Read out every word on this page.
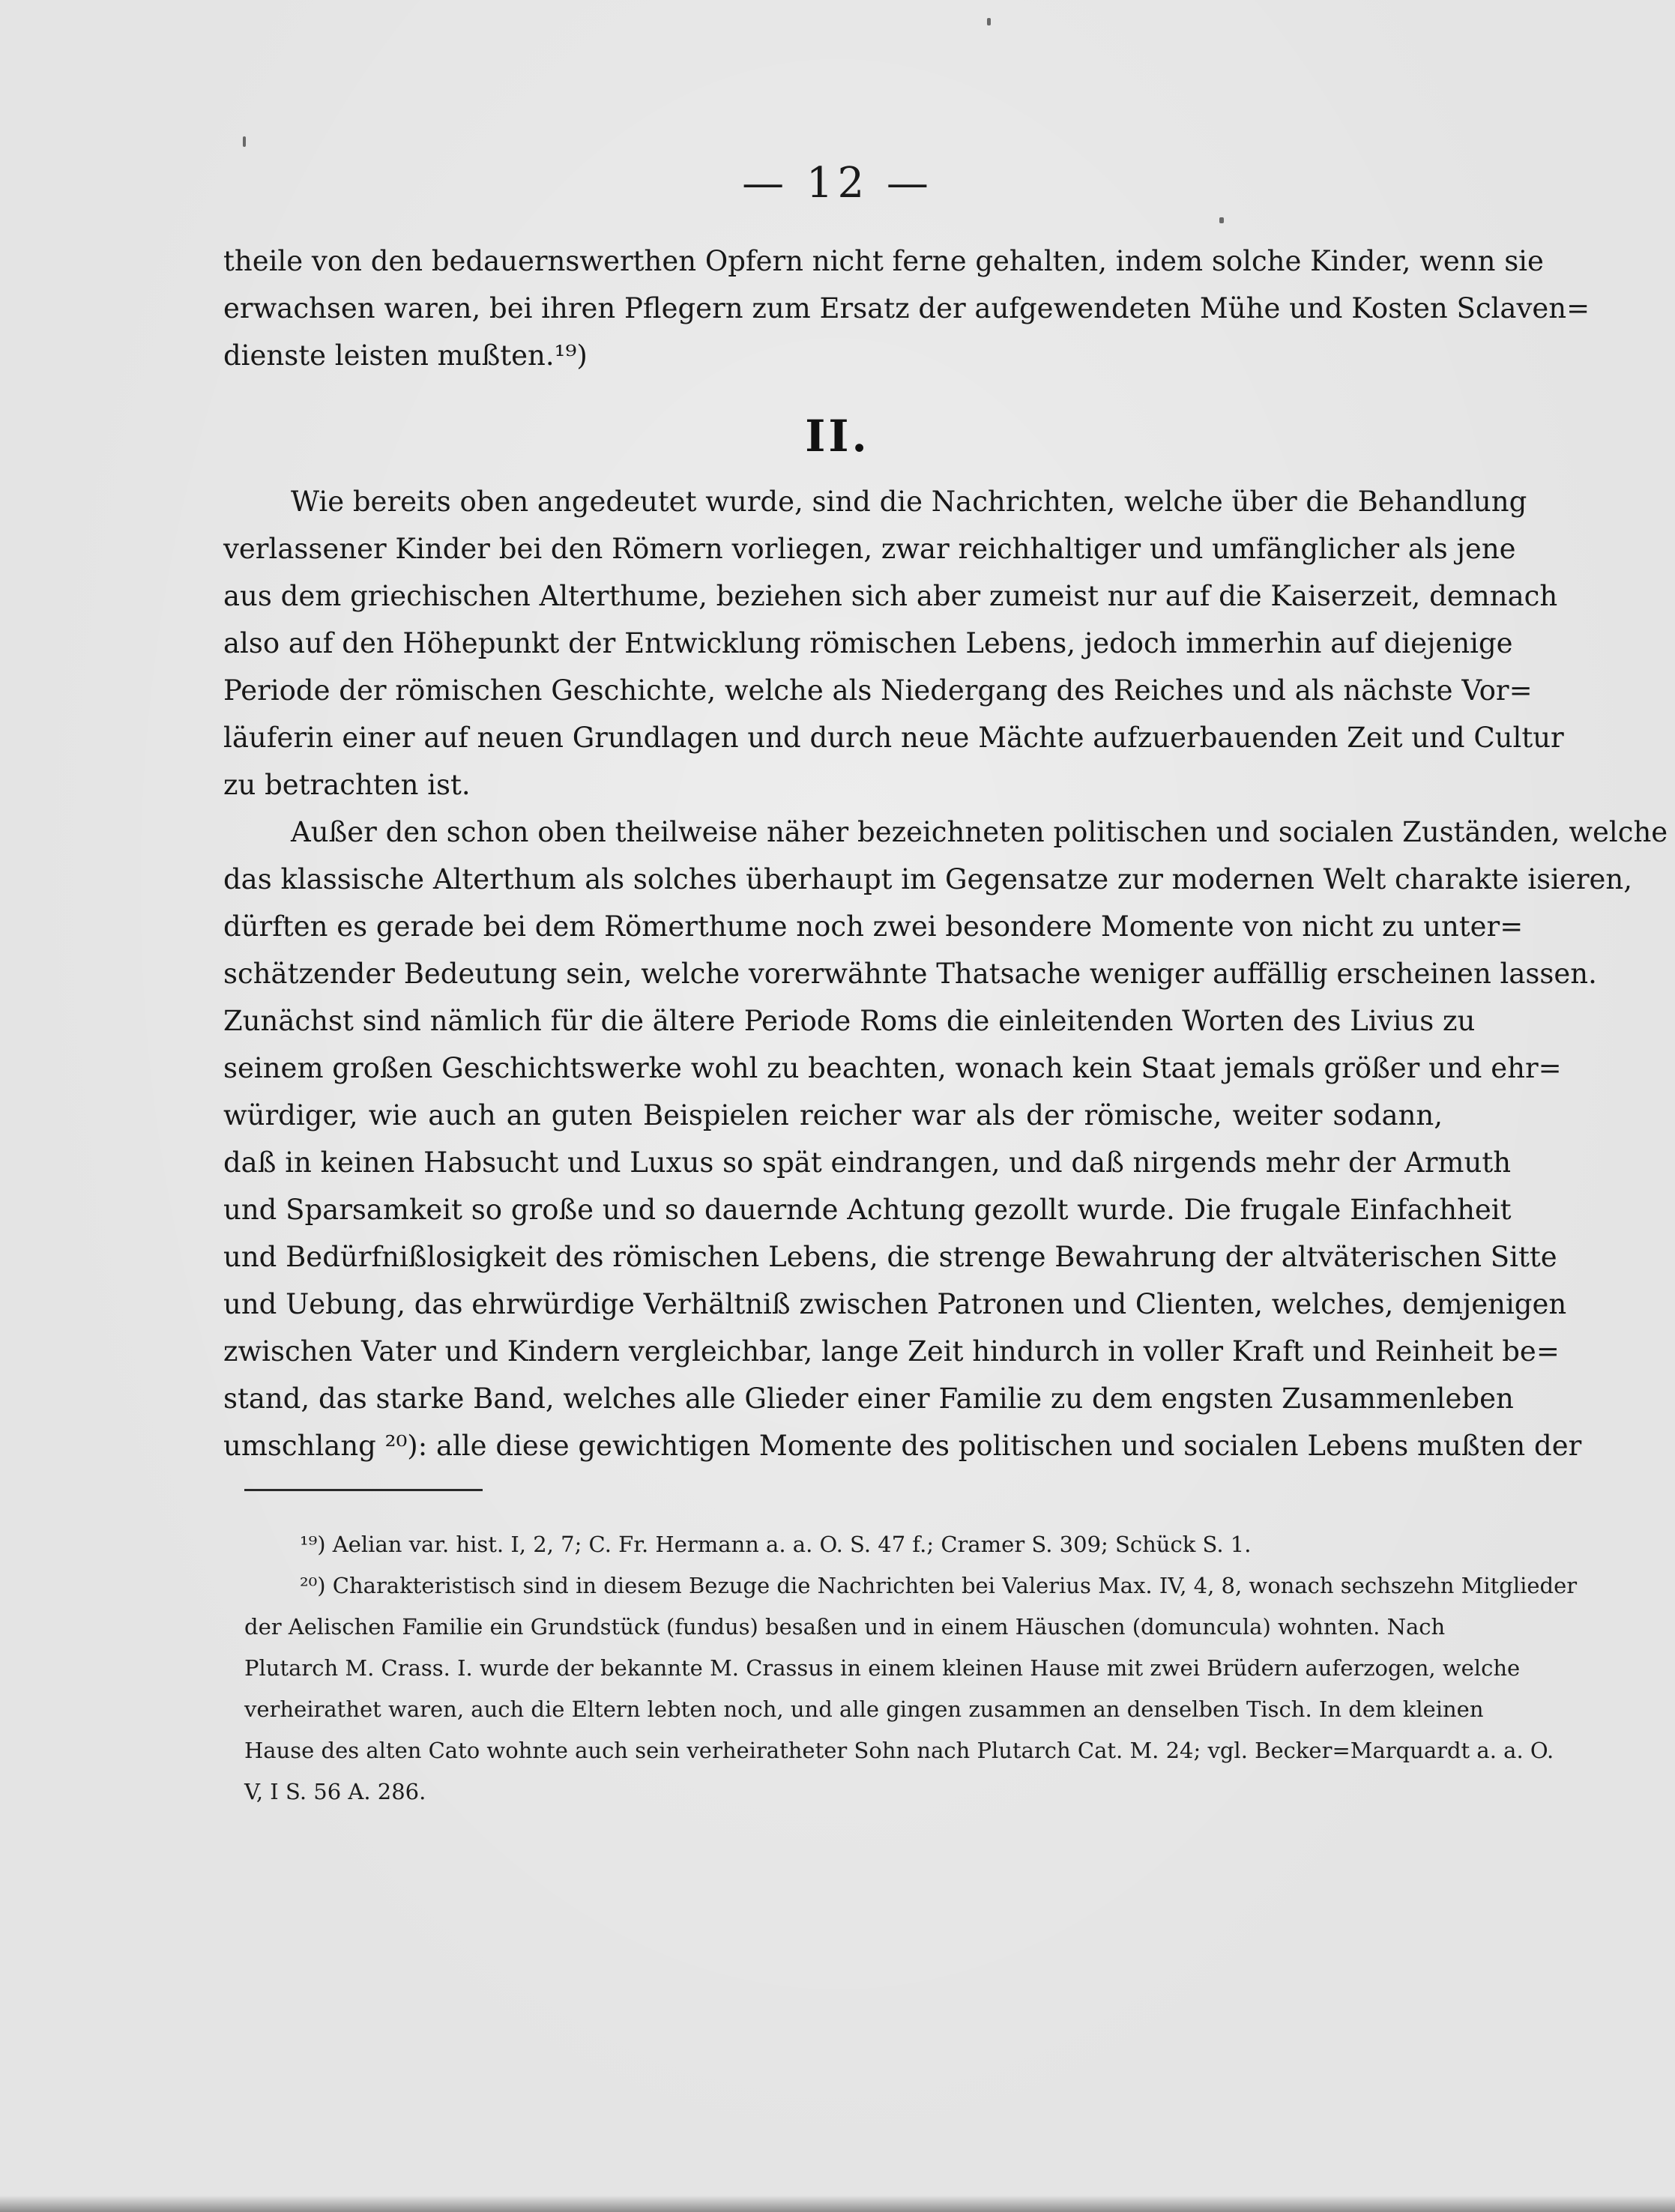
— 12 —
theile von den bedauernswerthen Opfern nicht ferne gehalten, indem solche Kinder, wenn sie
erwachsen waren, bei ihren Pflegern zum Ersatz der aufgewendeten Mühe und Kosten Sclaven=
dienste leisten mußten.¹⁹)
II.
Wie bereits oben angedeutet wurde, sind die Nachrichten, welche über die Behandlung
verlassener Kinder bei den Römern vorliegen, zwar reichhaltiger und umfänglicher als jene
aus dem griechischen Alterthume, beziehen sich aber zumeist nur auf die Kaiserzeit, demnach
also auf den Höhepunkt der Entwicklung römischen Lebens, jedoch immerhin auf diejenige
Periode der römischen Geschichte, welche als Niedergang des Reiches und als nächste Vor=
läuferin einer auf neuen Grundlagen und durch neue Mächte aufzuerbauenden Zeit und Cultur
zu betrachten ist.
Außer den schon oben theilweise näher bezeichneten politischen und socialen Zuständen, welche
das klassische Alterthum als solches überhaupt im Gegensatze zur modernen Welt charakte isieren,
dürften es gerade bei dem Römerthume noch zwei besondere Momente von nicht zu unter=
schätzender Bedeutung sein, welche vorerwähnte Thatsache weniger auffällig erscheinen lassen.
Zunächst sind nämlich für die ältere Periode Roms die einleitenden Worten des Livius zu
seinem großen Geschichtswerke wohl zu beachten, wonach kein Staat jemals größer und ehr=
würdiger, wie auch an guten Beispielen reicher war als der römische, weiter sodann,
daß in keinen Habsucht und Luxus so spät eindrangen, und daß nirgends mehr der Armuth
und Sparsamkeit so große und so dauernde Achtung gezollt wurde. Die frugale Einfachheit
und Bedürfnißlosigkeit des römischen Lebens, die strenge Bewahrung der altväterischen Sitte
und Uebung, das ehrwürdige Verhältniß zwischen Patronen und Clienten, welches, demjenigen
zwischen Vater und Kindern vergleichbar, lange Zeit hindurch in voller Kraft und Reinheit be=
stand, das starke Band, welches alle Glieder einer Familie zu dem engsten Zusammenleben
umschlang ²⁰): alle diese gewichtigen Momente des politischen und socialen Lebens mußten der
¹⁹) Aelian var. hist. I, 2, 7; C. Fr. Hermann a. a. O. S. 47 f.; Cramer S. 309; Schück S. 1.
²⁰) Charakteristisch sind in diesem Bezuge die Nachrichten bei Valerius Max. IV, 4, 8, wonach sechszehn Mitglieder
der Aelischen Familie ein Grundstück (fundus) besaßen und in einem Häuschen (domuncula) wohnten. Nach
Plutarch M. Crass. I. wurde der bekannte M. Crassus in einem kleinen Hause mit zwei Brüdern auferzogen, welche
verheirathet waren, auch die Eltern lebten noch, und alle gingen zusammen an denselben Tisch. In dem kleinen
Hause des alten Cato wohnte auch sein verheiratheter Sohn nach Plutarch Cat. M. 24; vgl. Becker=Marquardt a. a. O.
V, I S. 56 A. 286.
